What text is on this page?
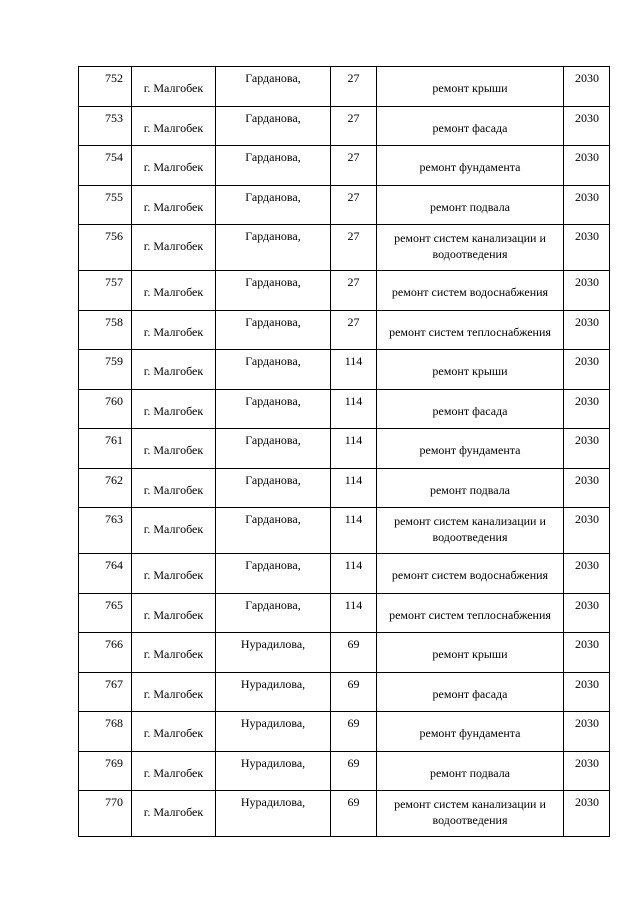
752	г. Малгобек	Гарданова,	27	ремонт крыши	2030
753	г. Малгобек	Гарданова,	27	ремонт фасада	2030
754	г. Малгобек	Гарданова,	27	ремонт фундамента	2030
755	г. Малгобек	Гарданова,	27	ремонт подвала	2030
756	г. Малгобек	Гарданова,	27	ремонт систем канализации и водоотведения	2030
757	г. Малгобек	Гарданова,	27	ремонт систем водоснабжения	2030
758	г. Малгобек	Гарданова,	27	ремонт систем теплоснабжения	2030
759	г. Малгобек	Гарданова,	114	ремонт крыши	2030
760	г. Малгобек	Гарданова,	114	ремонт фасада	2030
761	г. Малгобек	Гарданова,	114	ремонт фундамента	2030
762	г. Малгобек	Гарданова,	114	ремонт подвала	2030
763	г. Малгобек	Гарданова,	114	ремонт систем канализации и водоотведения	2030
764	г. Малгобек	Гарданова,	114	ремонт систем водоснабжения	2030
765	г. Малгобек	Гарданова,	114	ремонт систем теплоснабжения	2030
766	г. Малгобек	Нурадилова,	69	ремонт крыши	2030
767	г. Малгобек	Нурадилова,	69	ремонт фасада	2030
768	г. Малгобек	Нурадилова,	69	ремонт фундамента	2030
769	г. Малгобек	Нурадилова,	69	ремонт подвала	2030
770	г. Малгобек	Нурадилова,	69	ремонт систем канализации и водоотведения	2030
